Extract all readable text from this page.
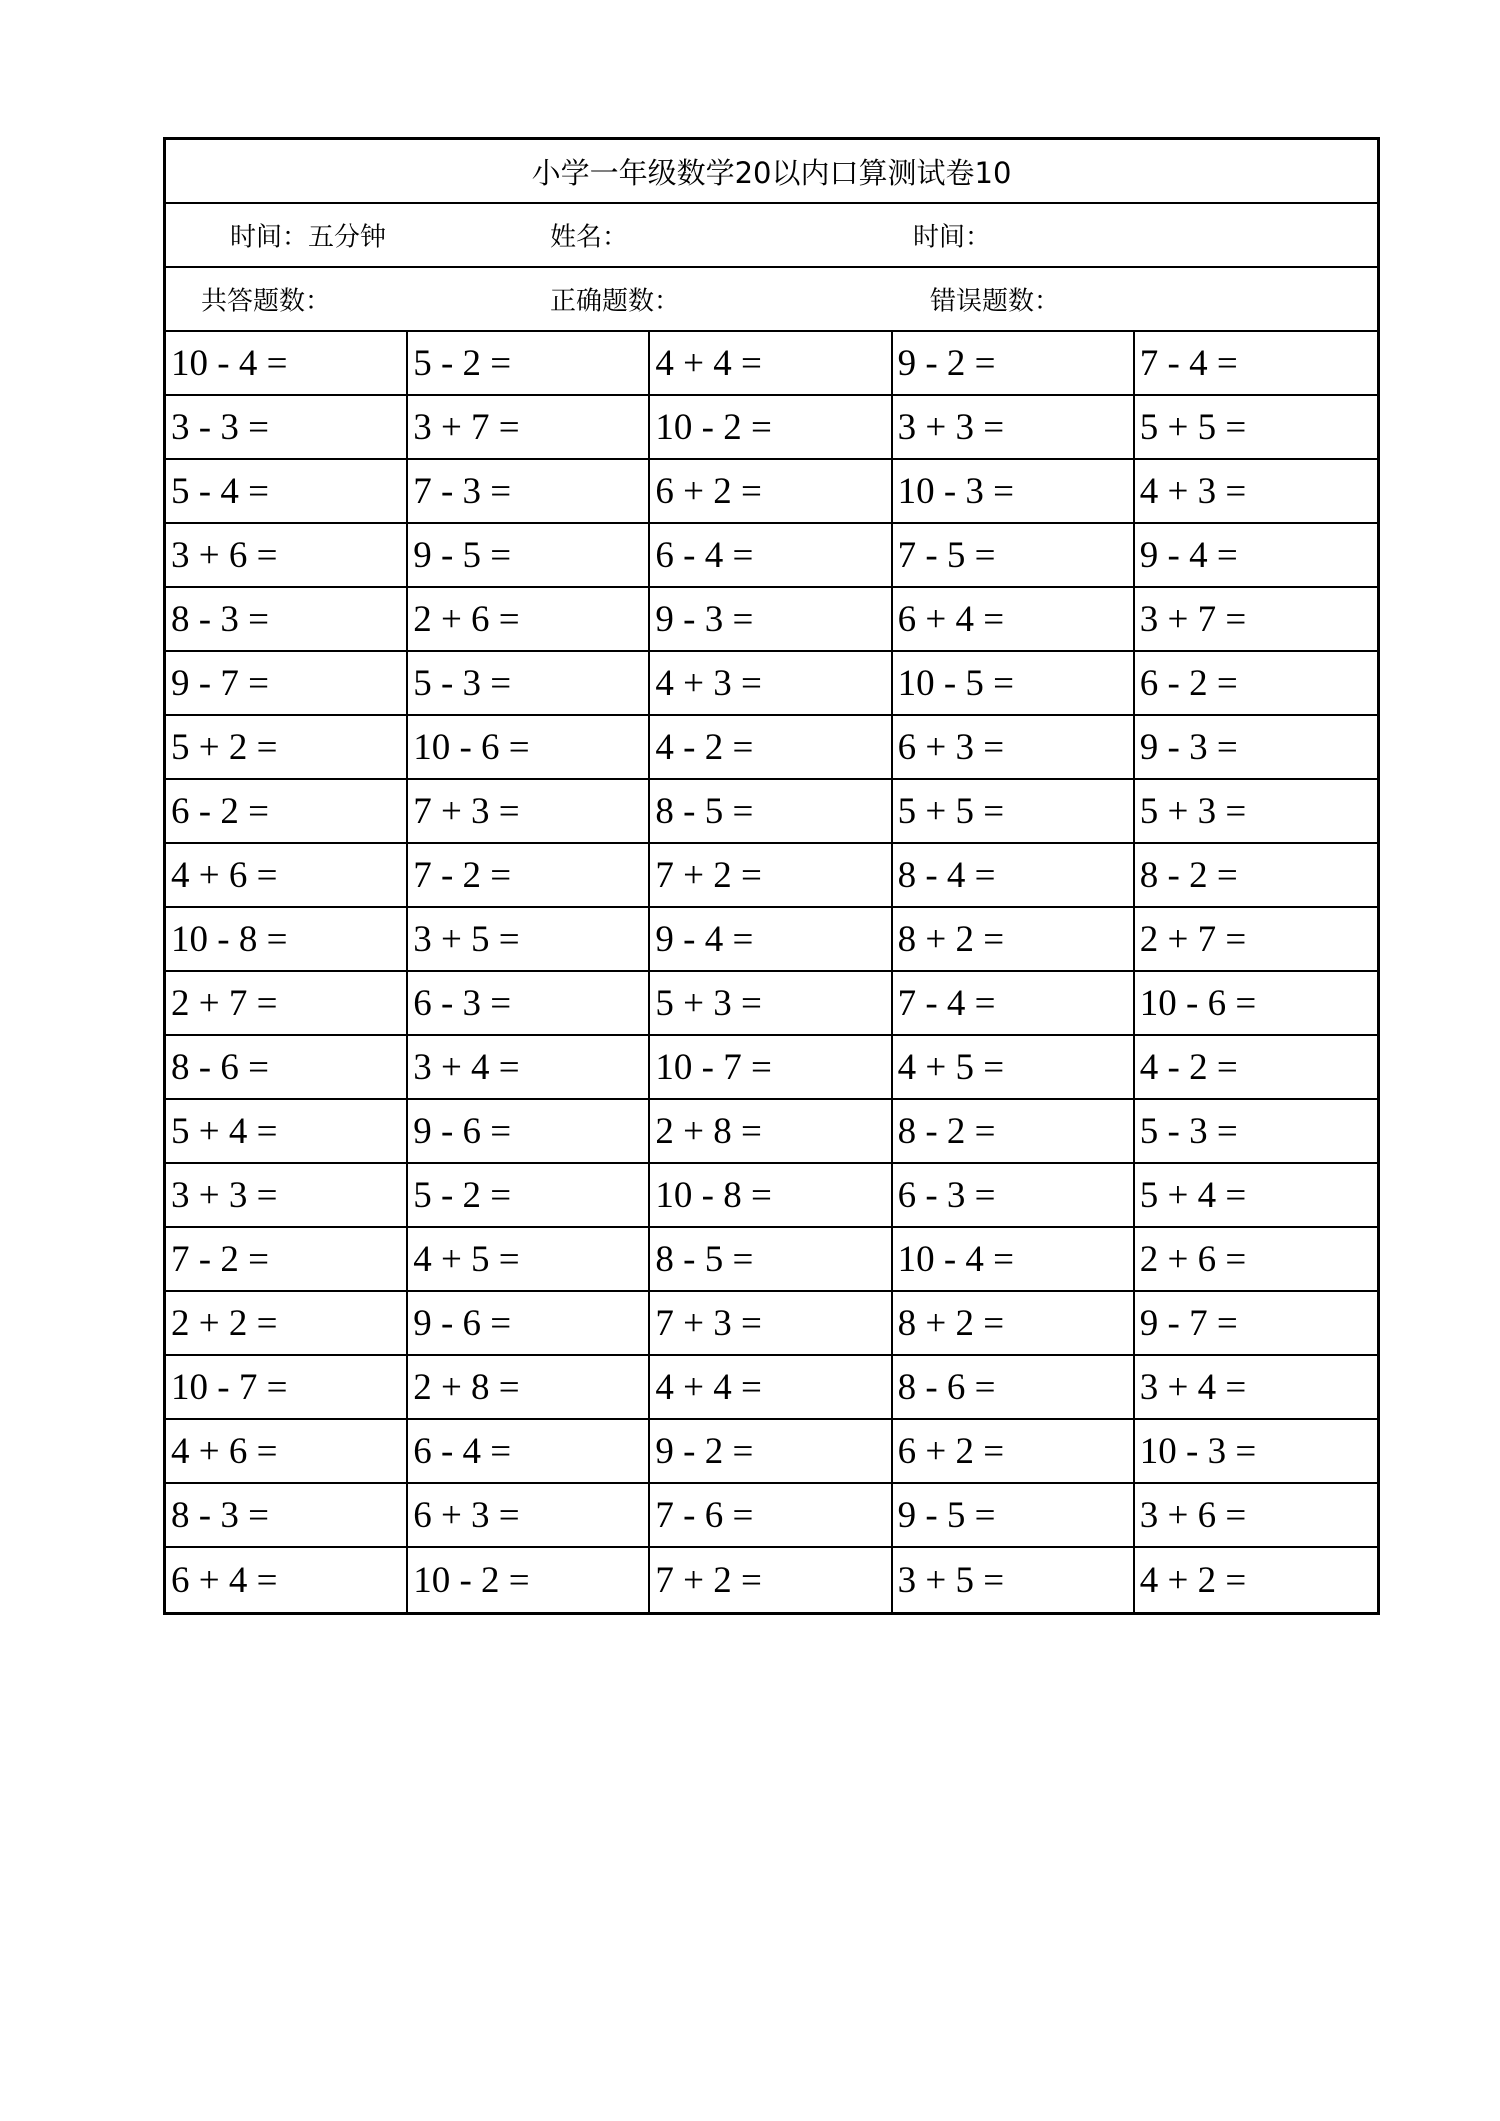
小学一年级数学20以内口算测试卷10
时间：五分钟	姓名：	时间：
共答题数：	正确题数：	错误题数：
10 - 4 =	5 - 2 =	4 + 4 =	9 - 2 =	7 - 4 =
3 - 3 =	3 + 7 =	10 - 2 =	3 + 3 =	5 + 5 =
5 - 4 =	7 - 3 =	6 + 2 =	10 - 3 =	4 + 3 =
3 + 6 =	9 - 5 =	6 - 4 =	7 - 5 =	9 - 4 =
8 - 3 =	2 + 6 =	9 - 3 =	6 + 4 =	3 + 7 =
9 - 7 =	5 - 3 =	4 + 3 =	10 - 5 =	6 - 2 =
5 + 2 =	10 - 6 =	4 - 2 =	6 + 3 =	9 - 3 =
6 - 2 =	7 + 3 =	8 - 5 =	5 + 5 =	5 + 3 =
4 + 6 =	7 - 2 =	7 + 2 =	8 - 4 =	8 - 2 =
10 - 8 =	3 + 5 =	9 - 4 =	8 + 2 =	2 + 7 =
2 + 7 =	6 - 3 =	5 + 3 =	7 - 4 =	10 - 6 =
8 - 6 =	3 + 4 =	10 - 7 =	4 + 5 =	4 - 2 =
5 + 4 =	9 - 6 =	2 + 8 =	8 - 2 =	5 - 3 =
3 + 3 =	5 - 2 =	10 - 8 =	6 - 3 =	5 + 4 =
7 - 2 =	4 + 5 =	8 - 5 =	10 - 4 =	2 + 6 =
2 + 2 =	9 - 6 =	7 + 3 =	8 + 2 =	9 - 7 =
10 - 7 =	2 + 8 =	4 + 4 =	8 - 6 =	3 + 4 =
4 + 6 =	6 - 4 =	9 - 2 =	6 + 2 =	10 - 3 =
8 - 3 =	6 + 3 =	7 - 6 =	9 - 5 =	3 + 6 =
6 + 4 =	10 - 2 =	7 + 2 =	3 + 5 =	4 + 2 =
